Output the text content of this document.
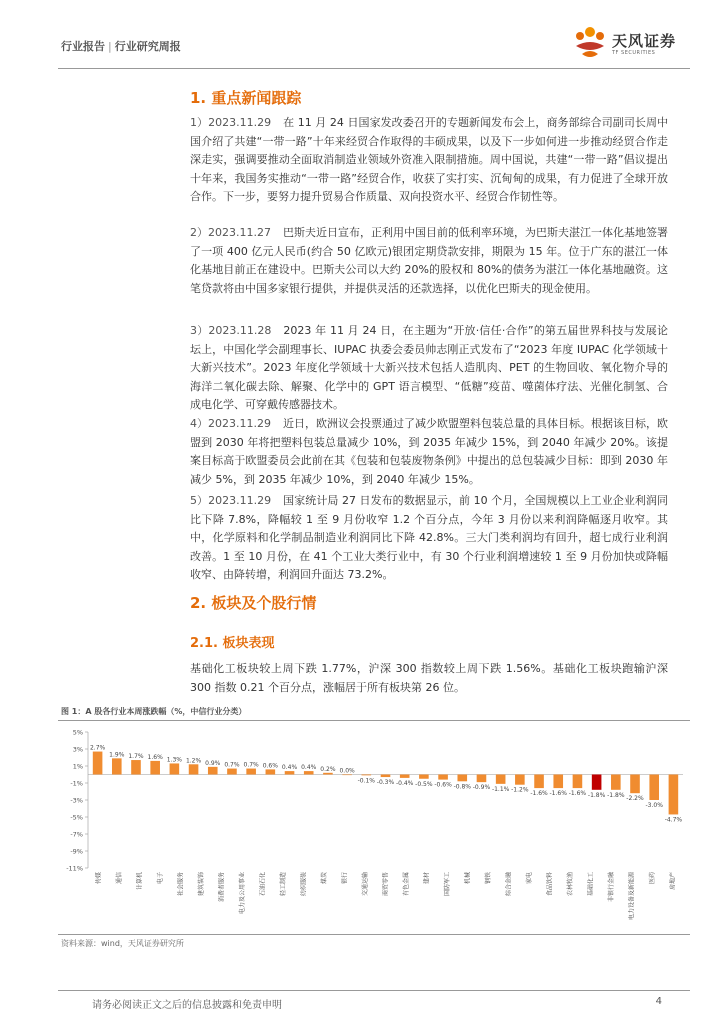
行业报告 | 行业研究周报	天风证券
TF SECURITIES
1. 重点新闻跟踪
1）2023.11.29 在 11 月 24 日国家发改委召开的专题新闻发布会上，商务部综合司副司长周中国介绍了共建“一带一路”十年来经贸合作取得的丰硕成果，以及下一步如何进一步推动经贸合作走深走实，强调要推动全面取消制造业领域外资准入限制措施。周中国说，共建“一带一路”倡议提出十年来，我国务实推动“一带一路”经贸合作，收获了实打实、沉甸甸的成果，有力促进了全球开放合作。下一步，要努力提升贸易合作质量、双向投资水平、经贸合作韧性等。
2）2023.11.27 巴斯夫近日宣布，正利用中国目前的低利率环境，为巴斯夫湛江一体化基地签署了一项 400 亿元人民币(约合 50 亿欧元)银团定期贷款安排，期限为 15 年。位于广东的湛江一体化基地目前正在建设中。巴斯夫公司以大约 20%的股权和 80%的债务为湛江一体化基地融资。这笔贷款将由中国多家银行提供，并提供灵活的还款选择，以优化巴斯夫的现金使用。
3）2023.11.28 2023 年 11 月 24 日，在主题为“开放·信任·合作”的第五届世界科技与发展论坛上，中国化学会副理事长、IUPAC 执委会委员帅志刚正式发布了“2023 年度 IUPAC 化学领域十大新兴技术”。2023 年度化学领域十大新兴技术包括人造肌肉、PET 的生物回收、氧化物介导的海洋二氧化碳去除、解聚、化学中的 GPT 语言模型、“低糖”疫苗、噬菌体疗法、光催化制氢、合成电化学、可穿戴传感器技术。
4）2023.11.29 近日，欧洲议会投票通过了减少欧盟塑料包装总量的具体目标。根据该目标，欧盟到 2030 年将把塑料包装总量减少 10%，到 2035 年减少 15%，到 2040 年减少 20%。该提案目标高于欧盟委员会此前在其《包装和包装废物条例》中提出的总包装减少目标：即到 2030 年减少 5%，到 2035 年减少 10%，到 2040 年减少 15%。
5）2023.11.29 国家统计局 27 日发布的数据显示，前 10 个月，全国规模以上工业企业利润同比下降 7.8%，降幅较 1 至 9 月份收窄 1.2 个百分点，今年 3 月份以来利润降幅逐月收窄。其中，化学原料和化学制品制造业利润同比下降 42.8%。三大门类利润均有回升，超七成行业利润改善。1 至 10 月份，在 41 个工业大类行业中，有 30 个行业利润增速较 1 至 9 月份加快或降幅收窄、由降转增，利润回升面达 73.2%。
2. 板块及个股行情
2.1. 板块表现
基础化工板块较上周下跌 1.77%，沪深 300 指数较上周下跌 1.56%。基础化工板块跑输沪深 300 指数 0.21 个百分点，涨幅居于所有板块第 26 位。
图 1：A 股各行业本周涨跌幅（%，中信行业分类）
5%
3%
1%
-1%
-3%
-5%
-7%
-9%
-11%
2.7%
1.9% 1.7% 1.6% 1.3% 1.2% 0.9% 0.7% 0.7% 0.6% 0.4% 0.4% 0.2% 0.0%
-0.1% -0.3% -0.4% -0.5% -0.6% -0.8% -0.9% -1.1% -1.2% -1.6% -1.6% -1.6% -1.8% -1.8% -2.2%
-3.0%
-4.7%
传媒 通信 计算机 电子 社会服务 建筑装饰 消费者服务 电力及公用事业 石油石化 轻工制造 纺织服装 煤炭 银行 交通运输 商贸零售 有色金属 建材 国防军工 机械 钢铁 综合金融 家电 食品饮料 农林牧渔 基础化工 非银行金融 电力设备及新能源 医药 房地产
资料来源：wind，天风证券研究所
请务必阅读正文之后的信息披露和免责申明	4
